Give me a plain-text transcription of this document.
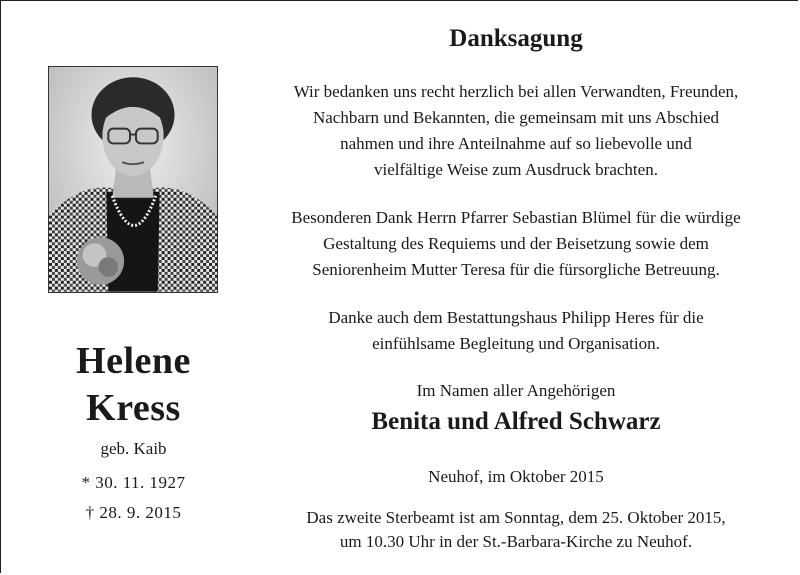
Helene
Kress
geb. Kaib
* 30. 11. 1927
† 28. 9. 2015
Danksagung
Wir bedanken uns recht herzlich bei allen Verwandten, Freunden,
Nachbarn und Bekannten, die gemeinsam mit uns Abschied
nahmen und ihre Anteilnahme auf so liebevolle und
vielfältige Weise zum Ausdruck brachten.
Besonderen Dank Herrn Pfarrer Sebastian Blümel für die würdige
Gestaltung des Requiems und der Beisetzung sowie dem
Seniorenheim Mutter Teresa für die fürsorgliche Betreuung.
Danke auch dem Bestattungshaus Philipp Heres für die
einfühlsame Begleitung und Organisation.
Im Namen aller Angehörigen
Benita und Alfred Schwarz
Neuhof, im Oktober 2015
Das zweite Sterbeamt ist am Sonntag, dem 25. Oktober 2015,
um 10.30 Uhr in der St.-Barbara-Kirche zu Neuhof.
